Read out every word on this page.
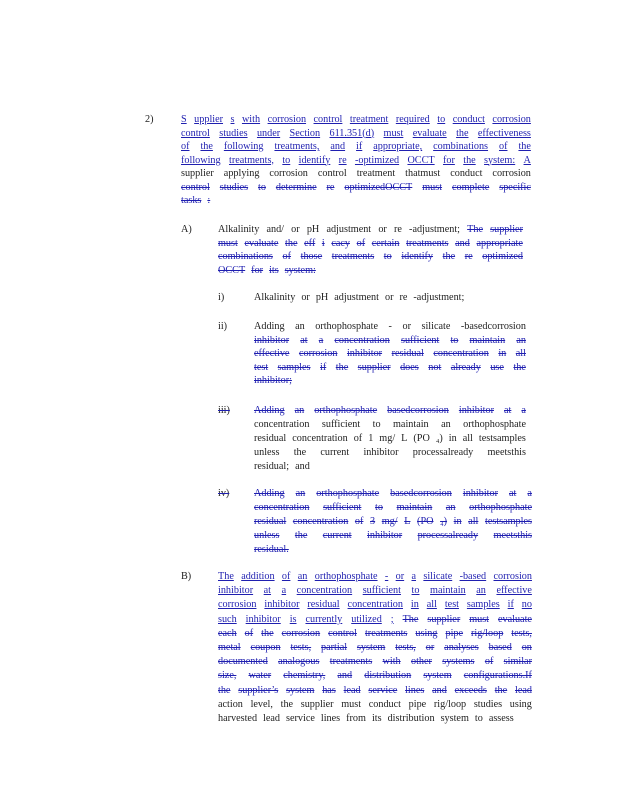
2)
A)
i)
ii)
iii)
iv)
B)
S upplier s with corrosion control treatment required to conduct corrosion
control studies under Section 611.351(d) must evaluate the effectiveness
of the following treatments, and if appropriate, combinations of the
following treatments, to identify re -optimized OCCT for the system: A
supplier applying corrosion control treatment thatmust conduct corrosion
control studies to determine re optimizedOCCT must complete specific
tasks :
Alkalinity and/ or pH adjustment or re -adjustment; The supplier
must evaluate the eff i cacy of certain treatments and appropriate
combinations of those treatments to identify the re optimized
OCCT for its system:
Alkalinity or pH adjustment or re -adjustment;
Adding an orthophosphate - or silicate -basedcorrosion
inhibitor at a concentration sufficient to maintain an
effective corrosion inhibitor residual concentration in all
test samples if the supplier does not already use the
inhibitor;
Adding an orthophosphate basedcorrosion inhibitor at a
concentration sufficient to maintain an orthophosphate
residual concentration of 1 mg/ L (PO ₄) in all testsamples
unless the current inhibitor processalready meetsthis
residual; and
Adding an orthophosphate basedcorrosion inhibitor at a
concentration sufficient to maintain an orthophosphate
residual concentration of 3 mg/ L (PO ₄) in all testsamples
unless the current inhibitor processalready meetsthis
residual.
The addition of an orthophosphate - or a silicate -based corrosion
inhibitor at a concentration sufficient to maintain an effective
corrosion inhibitor residual concentration in all test samples if no
such inhibitor is currently utilized ; The supplier must evaluate
each of the corrosion control treatments using pipe rig/loop tests,
metal coupon tests, partial system tests, or analyses based on
documented analogous treatments with other systems of similar
size, water chemistry, and distribution system configurations.If
the supplier’s system has lead service lines and exceeds the lead
action level, the supplier must conduct pipe rig/loop studies using
harvested lead service lines from its distribution system to assess
